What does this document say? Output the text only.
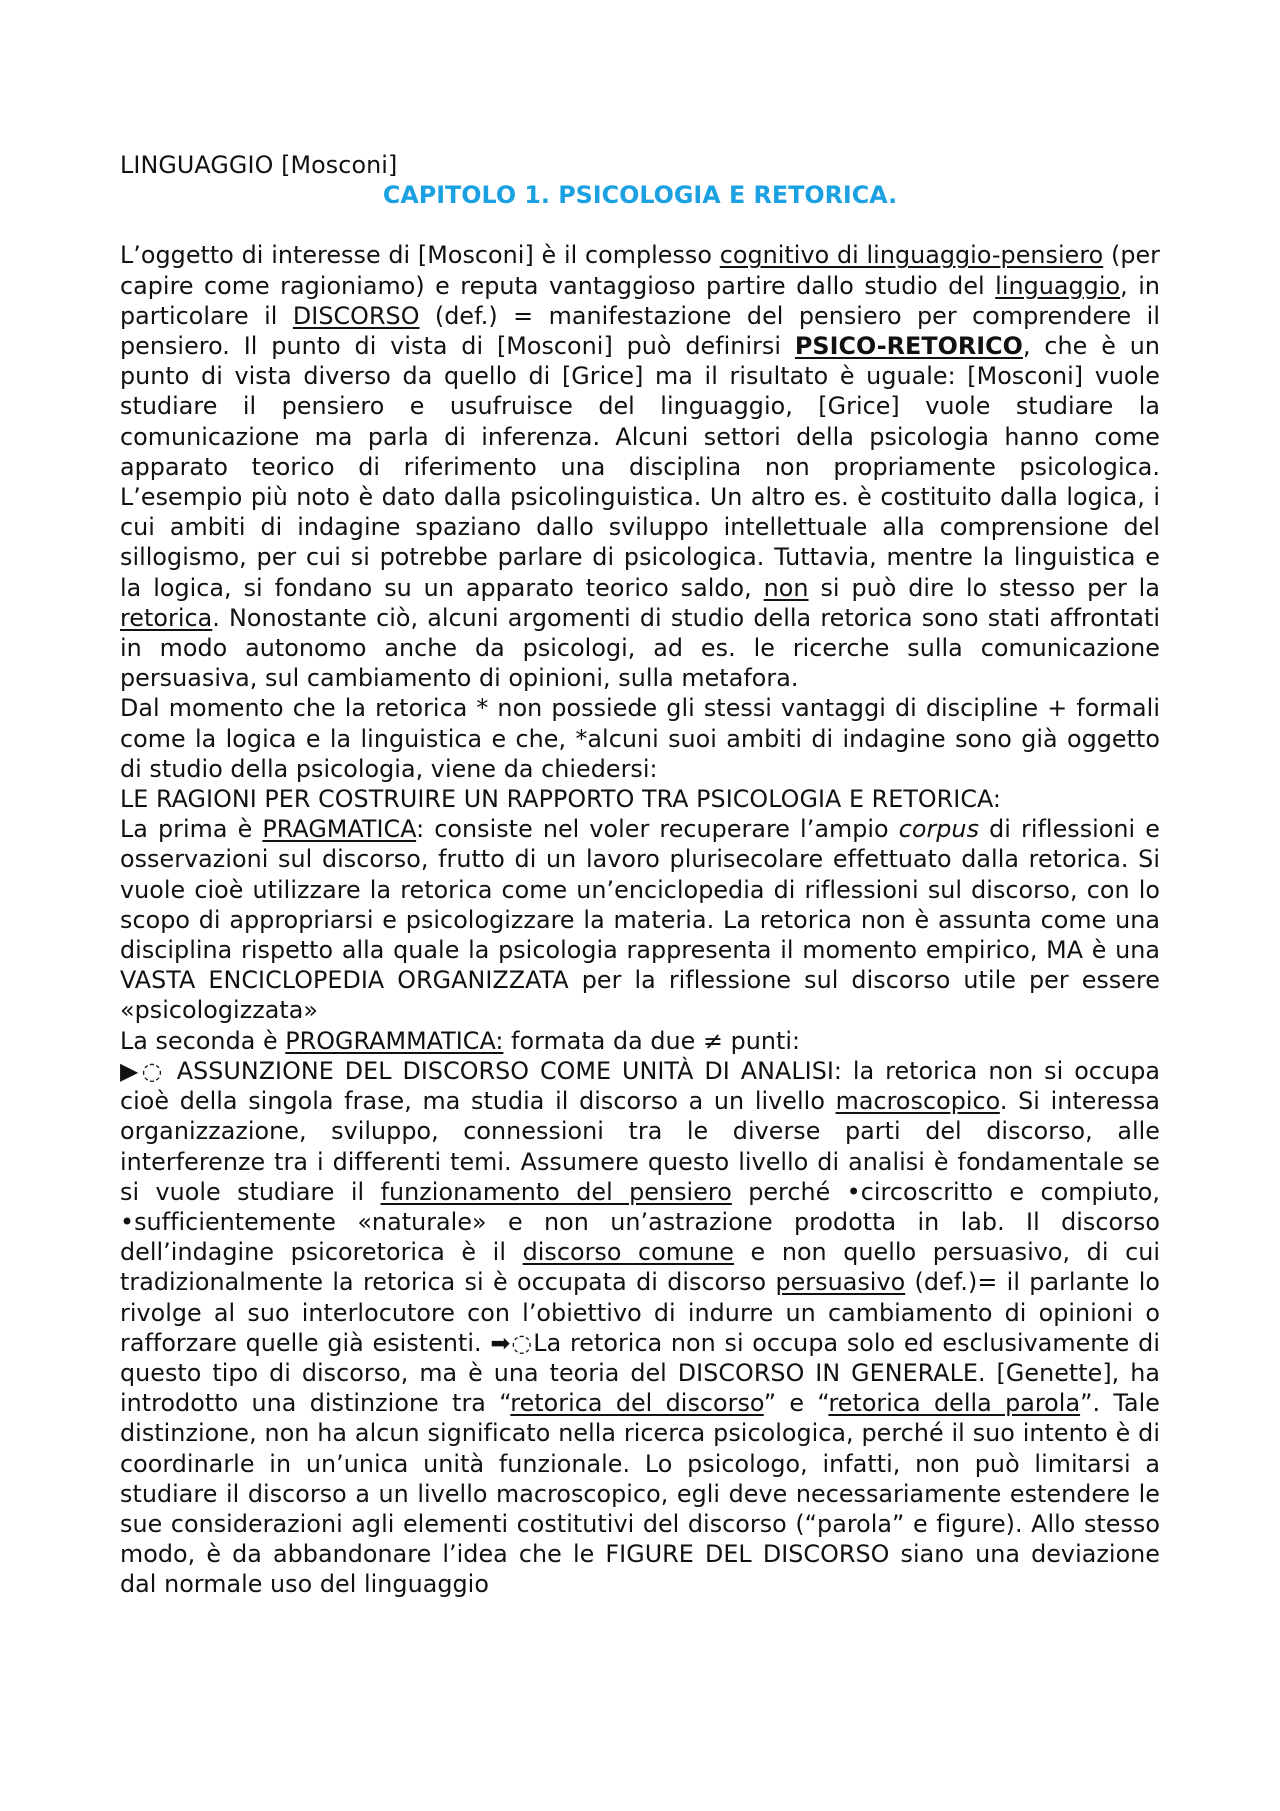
LINGUAGGIO [Mosconi]

CAPITOLO 1. PSICOLOGIA E RETORICA.

L’oggetto di interesse di [Mosconi] è il complesso cognitivo di linguaggio-pensiero (per capire come ragioniamo) e reputa vantaggioso partire dallo studio del linguaggio, in particolare il DISCORSO (def.) = manifestazione del pensiero per comprendere il pensiero. Il punto di vista di [Mosconi] può definirsi PSICO-RETORICO, che è un punto di vista diverso da quello di [Grice] ma il risultato è uguale: [Mosconi] vuole studiare il pensiero e usufruisce del linguaggio, [Grice] vuole studiare la comunicazione ma parla di inferenza. Alcuni settori della psicologia hanno come apparato teorico di riferimento una disciplina non propriamente psicologica. L’esempio più noto è dato dalla psicolinguistica. Un altro es. è costituito dalla logica, i cui ambiti di indagine spaziano dallo sviluppo intellettuale alla comprensione del sillogismo, per cui si potrebbe parlare di psicologica. Tuttavia, mentre la linguistica e la logica, si fondano su un apparato teorico saldo, non si può dire lo stesso per la retorica. Nonostante ciò, alcuni argomenti di studio della retorica sono stati affrontati in modo autonomo anche da psicologi, ad es. le ricerche sulla comunicazione persuasiva, sul cambiamento di opinioni, sulla metafora.

Dal momento che la retorica * non possiede gli stessi vantaggi di discipline + formali come la logica e la linguistica e che, *alcuni suoi ambiti di indagine sono già oggetto di studio della psicologia, viene da chiedersi:

LE RAGIONI PER COSTRUIRE UN RAPPORTO TRA PSICOLOGIA E RETORICA:

La prima è PRAGMATICA: consiste nel voler recuperare l’ampio corpus di riflessioni e osservazioni sul discorso, frutto di un lavoro plurisecolare effettuato dalla retorica. Si vuole cioè utilizzare la retorica come un’enciclopedia di riflessioni sul discorso, con lo scopo di appropriarsi e psicologizzare la materia. La retorica non è assunta come una disciplina rispetto alla quale la psicologia rappresenta il momento empirico, MA è una VASTA ENCICLOPEDIA ORGANIZZATA per la riflessione sul discorso utile per essere «psicologizzata»

La seconda è PROGRAMMATICA: formata da due ≠ punti:

▶◌ ASSUNZIONE DEL DISCORSO COME UNITÀ DI ANALISI: la retorica non si occupa cioè della singola frase, ma studia il discorso a un livello macroscopico. Si interessa organizzazione, sviluppo, connessioni tra le diverse parti del discorso, alle interferenze tra i differenti temi. Assumere questo livello di analisi è fondamentale se si vuole studiare il funzionamento del pensiero perché •circoscritto e compiuto, •sufficientemente «naturale» e non un’astrazione prodotta in lab. Il discorso dell’indagine psicoretorica è il discorso comune e non quello persuasivo, di cui tradizionalmente la retorica si è occupata di discorso persuasivo (def.)= il parlante lo rivolge al suo interlocutore con l’obiettivo di indurre un cambiamento di opinioni o rafforzare quelle già esistenti. ➡◌La retorica non si occupa solo ed esclusivamente di questo tipo di discorso, ma è una teoria del DISCORSO IN GENERALE. [Genette], ha introdotto una distinzione tra “retorica del discorso” e “retorica della parola”. Tale distinzione, non ha alcun significato nella ricerca psicologica, perché il suo intento è di coordinarle in un’unica unità funzionale. Lo psicologo, infatti, non può limitarsi a studiare il discorso a un livello macroscopico, egli deve necessariamente estendere le sue considerazioni agli elementi costitutivi del discorso (“parola” e figure). Allo stesso modo, è da abbandonare l’idea che le FIGURE DEL DISCORSO siano una deviazione dal normale uso del linguaggio
